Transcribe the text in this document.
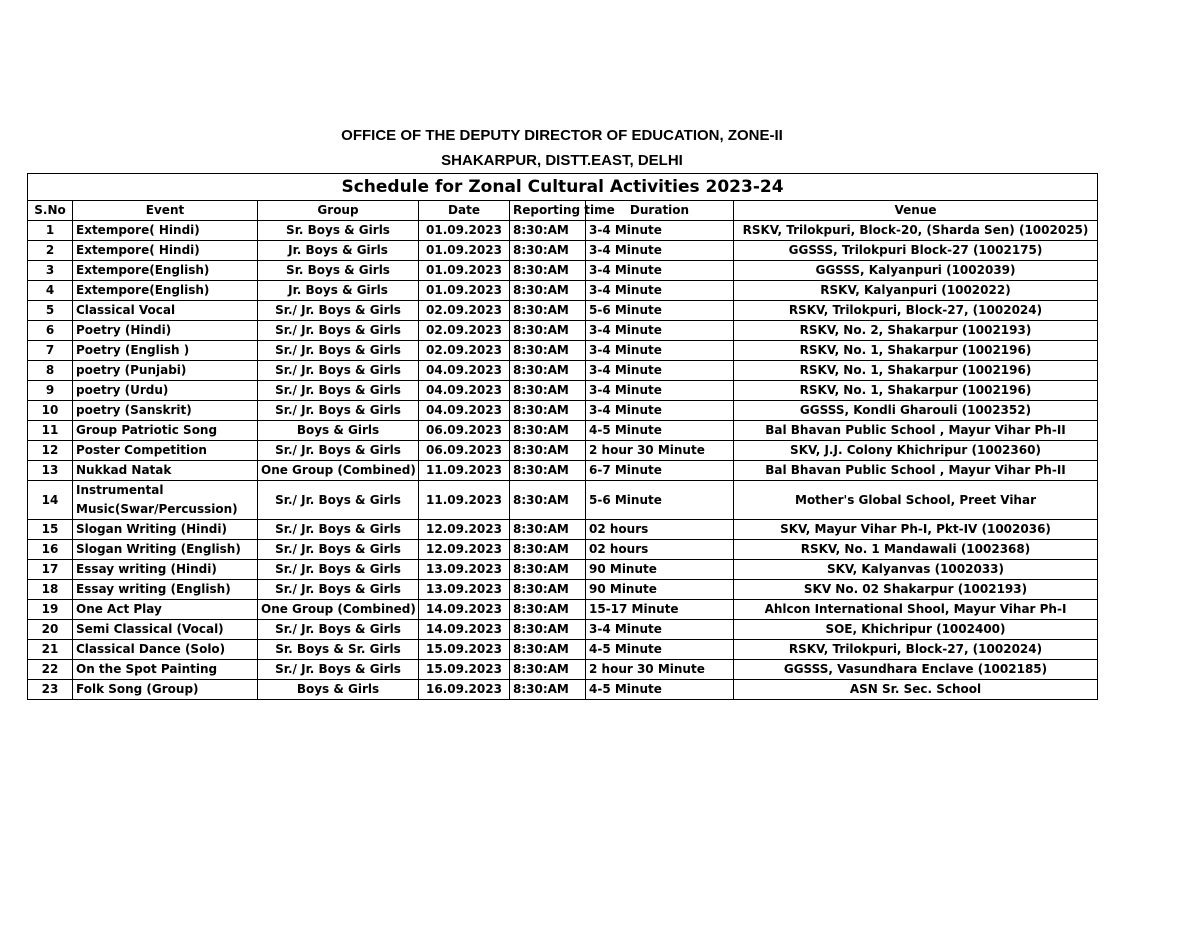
OFFICE OF THE DEPUTY DIRECTOR OF EDUCATION, ZONE-II
SHAKARPUR, DISTT.EAST, DELHI
Schedule for Zonal Cultural Activities 2023-24						
S.No	Event	Group	Date	Reporting time	Duration	Venue
1	Extempore( Hindi)	Sr. Boys & Girls	01.09.2023	8:30:AM	3-4 Minute	RSKV, Trilokpuri, Block-20, (Sharda Sen) (1002025)
2	Extempore( Hindi)	Jr. Boys & Girls	01.09.2023	8:30:AM	3-4 Minute	GGSSS, Trilokpuri Block-27 (1002175)
3	Extempore(English)	Sr. Boys & Girls	01.09.2023	8:30:AM	3-4 Minute	GGSSS, Kalyanpuri (1002039)
4	Extempore(English)	Jr. Boys & Girls	01.09.2023	8:30:AM	3-4 Minute	RSKV, Kalyanpuri (1002022)
5	Classical Vocal	Sr./ Jr. Boys & Girls	02.09.2023	8:30:AM	5-6 Minute	RSKV, Trilokpuri, Block-27, (1002024)
6	Poetry (Hindi)	Sr./ Jr. Boys & Girls	02.09.2023	8:30:AM	3-4 Minute	RSKV, No. 2, Shakarpur (1002193)
7	Poetry (English )	Sr./ Jr. Boys & Girls	02.09.2023	8:30:AM	3-4 Minute	RSKV, No. 1, Shakarpur (1002196)
8	poetry (Punjabi)	Sr./ Jr. Boys & Girls	04.09.2023	8:30:AM	3-4 Minute	RSKV, No. 1, Shakarpur (1002196)
9	poetry (Urdu)	Sr./ Jr. Boys & Girls	04.09.2023	8:30:AM	3-4 Minute	RSKV, No. 1, Shakarpur (1002196)
10	poetry (Sanskrit)	Sr./ Jr. Boys & Girls	04.09.2023	8:30:AM	3-4 Minute	GGSSS, Kondli Gharouli (1002352)
11	Group Patriotic Song	Boys & Girls	06.09.2023	8:30:AM	4-5 Minute	Bal Bhavan Public School , Mayur Vihar Ph-II
12	Poster Competition	Sr./ Jr. Boys & Girls	06.09.2023	8:30:AM	2 hour 30 Minute	SKV, J.J. Colony Khichripur (1002360)
13	Nukkad Natak	One Group (Combined)	11.09.2023	8:30:AM	6-7 Minute	Bal Bhavan Public School , Mayur Vihar Ph-II
14	Instrumental Music(Swar/Percussion)	Sr./ Jr. Boys & Girls	11.09.2023	8:30:AM	5-6 Minute	Mother's Global School, Preet Vihar
15	Slogan Writing (Hindi)	Sr./ Jr. Boys & Girls	12.09.2023	8:30:AM	02 hours	SKV, Mayur Vihar Ph-I, Pkt-IV (1002036)
16	Slogan Writing (English)	Sr./ Jr. Boys & Girls	12.09.2023	8:30:AM	02 hours	RSKV, No. 1 Mandawali (1002368)
17	Essay writing (Hindi)	Sr./ Jr. Boys & Girls	13.09.2023	8:30:AM	90 Minute	SKV, Kalyanvas (1002033)
18	Essay writing (English)	Sr./ Jr. Boys & Girls	13.09.2023	8:30:AM	90 Minute	SKV No. 02 Shakarpur (1002193)
19	One Act Play	One Group (Combined)	14.09.2023	8:30:AM	15-17 Minute	Ahlcon International Shool, Mayur Vihar Ph-I
20	Semi Classical (Vocal)	Sr./ Jr. Boys & Girls	14.09.2023	8:30:AM	3-4 Minute	SOE, Khichripur (1002400)
21	Classical Dance (Solo)	Sr. Boys & Sr. Girls	15.09.2023	8:30:AM	4-5 Minute	RSKV, Trilokpuri, Block-27, (1002024)
22	On the Spot Painting	Sr./ Jr. Boys & Girls	15.09.2023	8:30:AM	2 hour 30 Minute	GGSSS, Vasundhara Enclave (1002185)
23	Folk Song (Group)	Boys & Girls	16.09.2023	8:30:AM	4-5 Minute	ASN Sr. Sec. School
